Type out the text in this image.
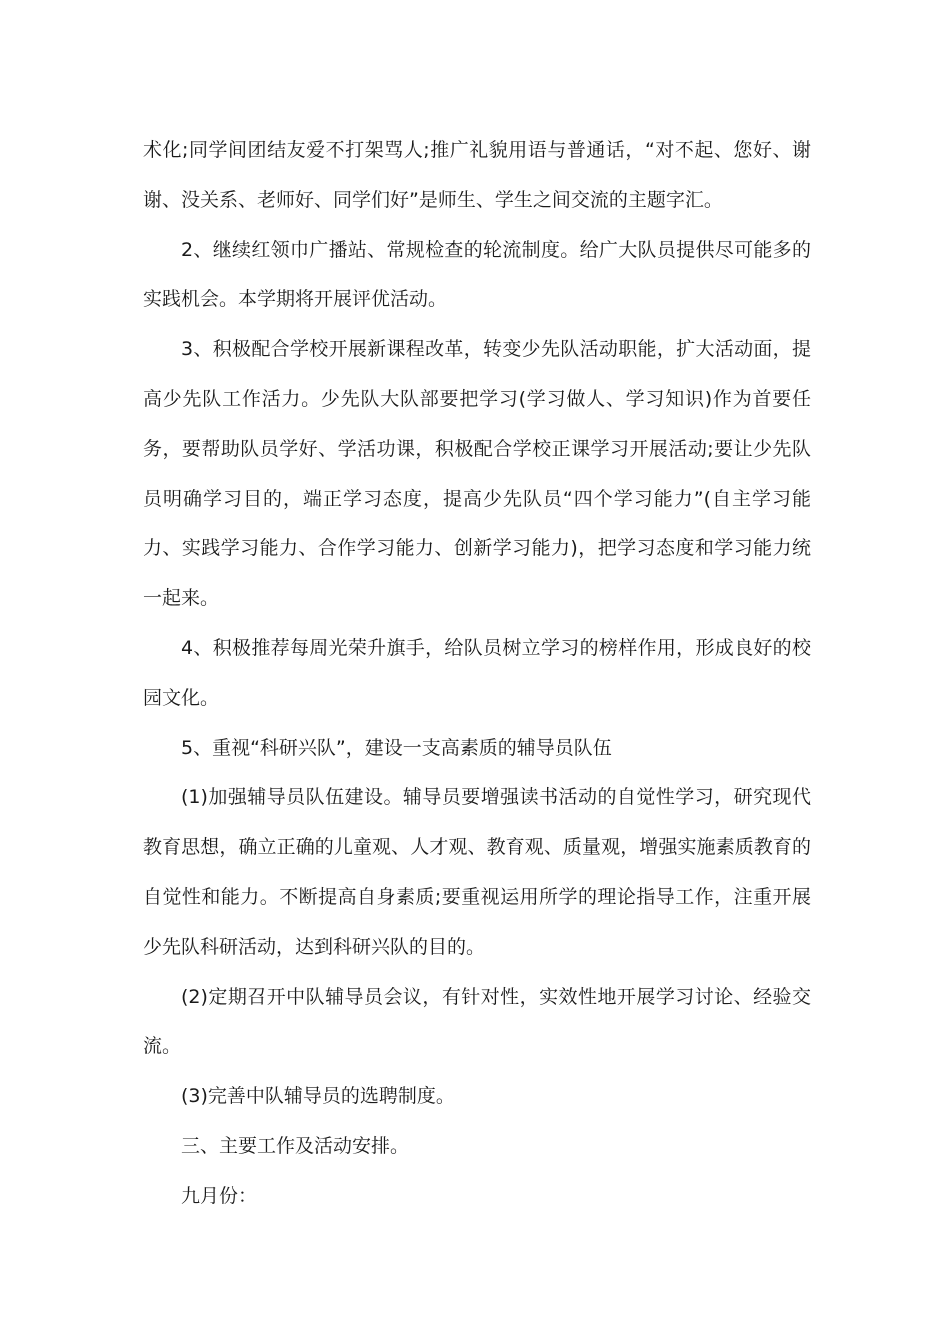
术化;同学间团结友爱不打架骂人;推广礼貌用语与普通话，“对不起、您好、谢谢、没关系、老师好、同学们好”是师生、学生之间交流的主题字汇。

2、继续红领巾广播站、常规检查的轮流制度。给广大队员提供尽可能多的实践机会。本学期将开展评优活动。

3、积极配合学校开展新课程改革，转变少先队活动职能，扩大活动面，提高少先队工作活力。少先队大队部要把学习(学习做人、学习知识)作为首要任务，要帮助队员学好、学活功课，积极配合学校正课学习开展活动;要让少先队员明确学习目的，端正学习态度，提高少先队员“四个学习能力”(自主学习能力、实践学习能力、合作学习能力、创新学习能力)，把学习态度和学习能力统一起来。

4、积极推荐每周光荣升旗手，给队员树立学习的榜样作用，形成良好的校园文化。

5、重视“科研兴队”，建设一支高素质的辅导员队伍

(1)加强辅导员队伍建设。辅导员要增强读书活动的自觉性学习，研究现代教育思想，确立正确的儿童观、人才观、教育观、质量观，增强实施素质教育的自觉性和能力。不断提高自身素质;要重视运用所学的理论指导工作，注重开展少先队科研活动，达到科研兴队的目的。

(2)定期召开中队辅导员会议，有针对性，实效性地开展学习讨论、经验交流。

(3)完善中队辅导员的选聘制度。

三、主要工作及活动安排。

九月份：
